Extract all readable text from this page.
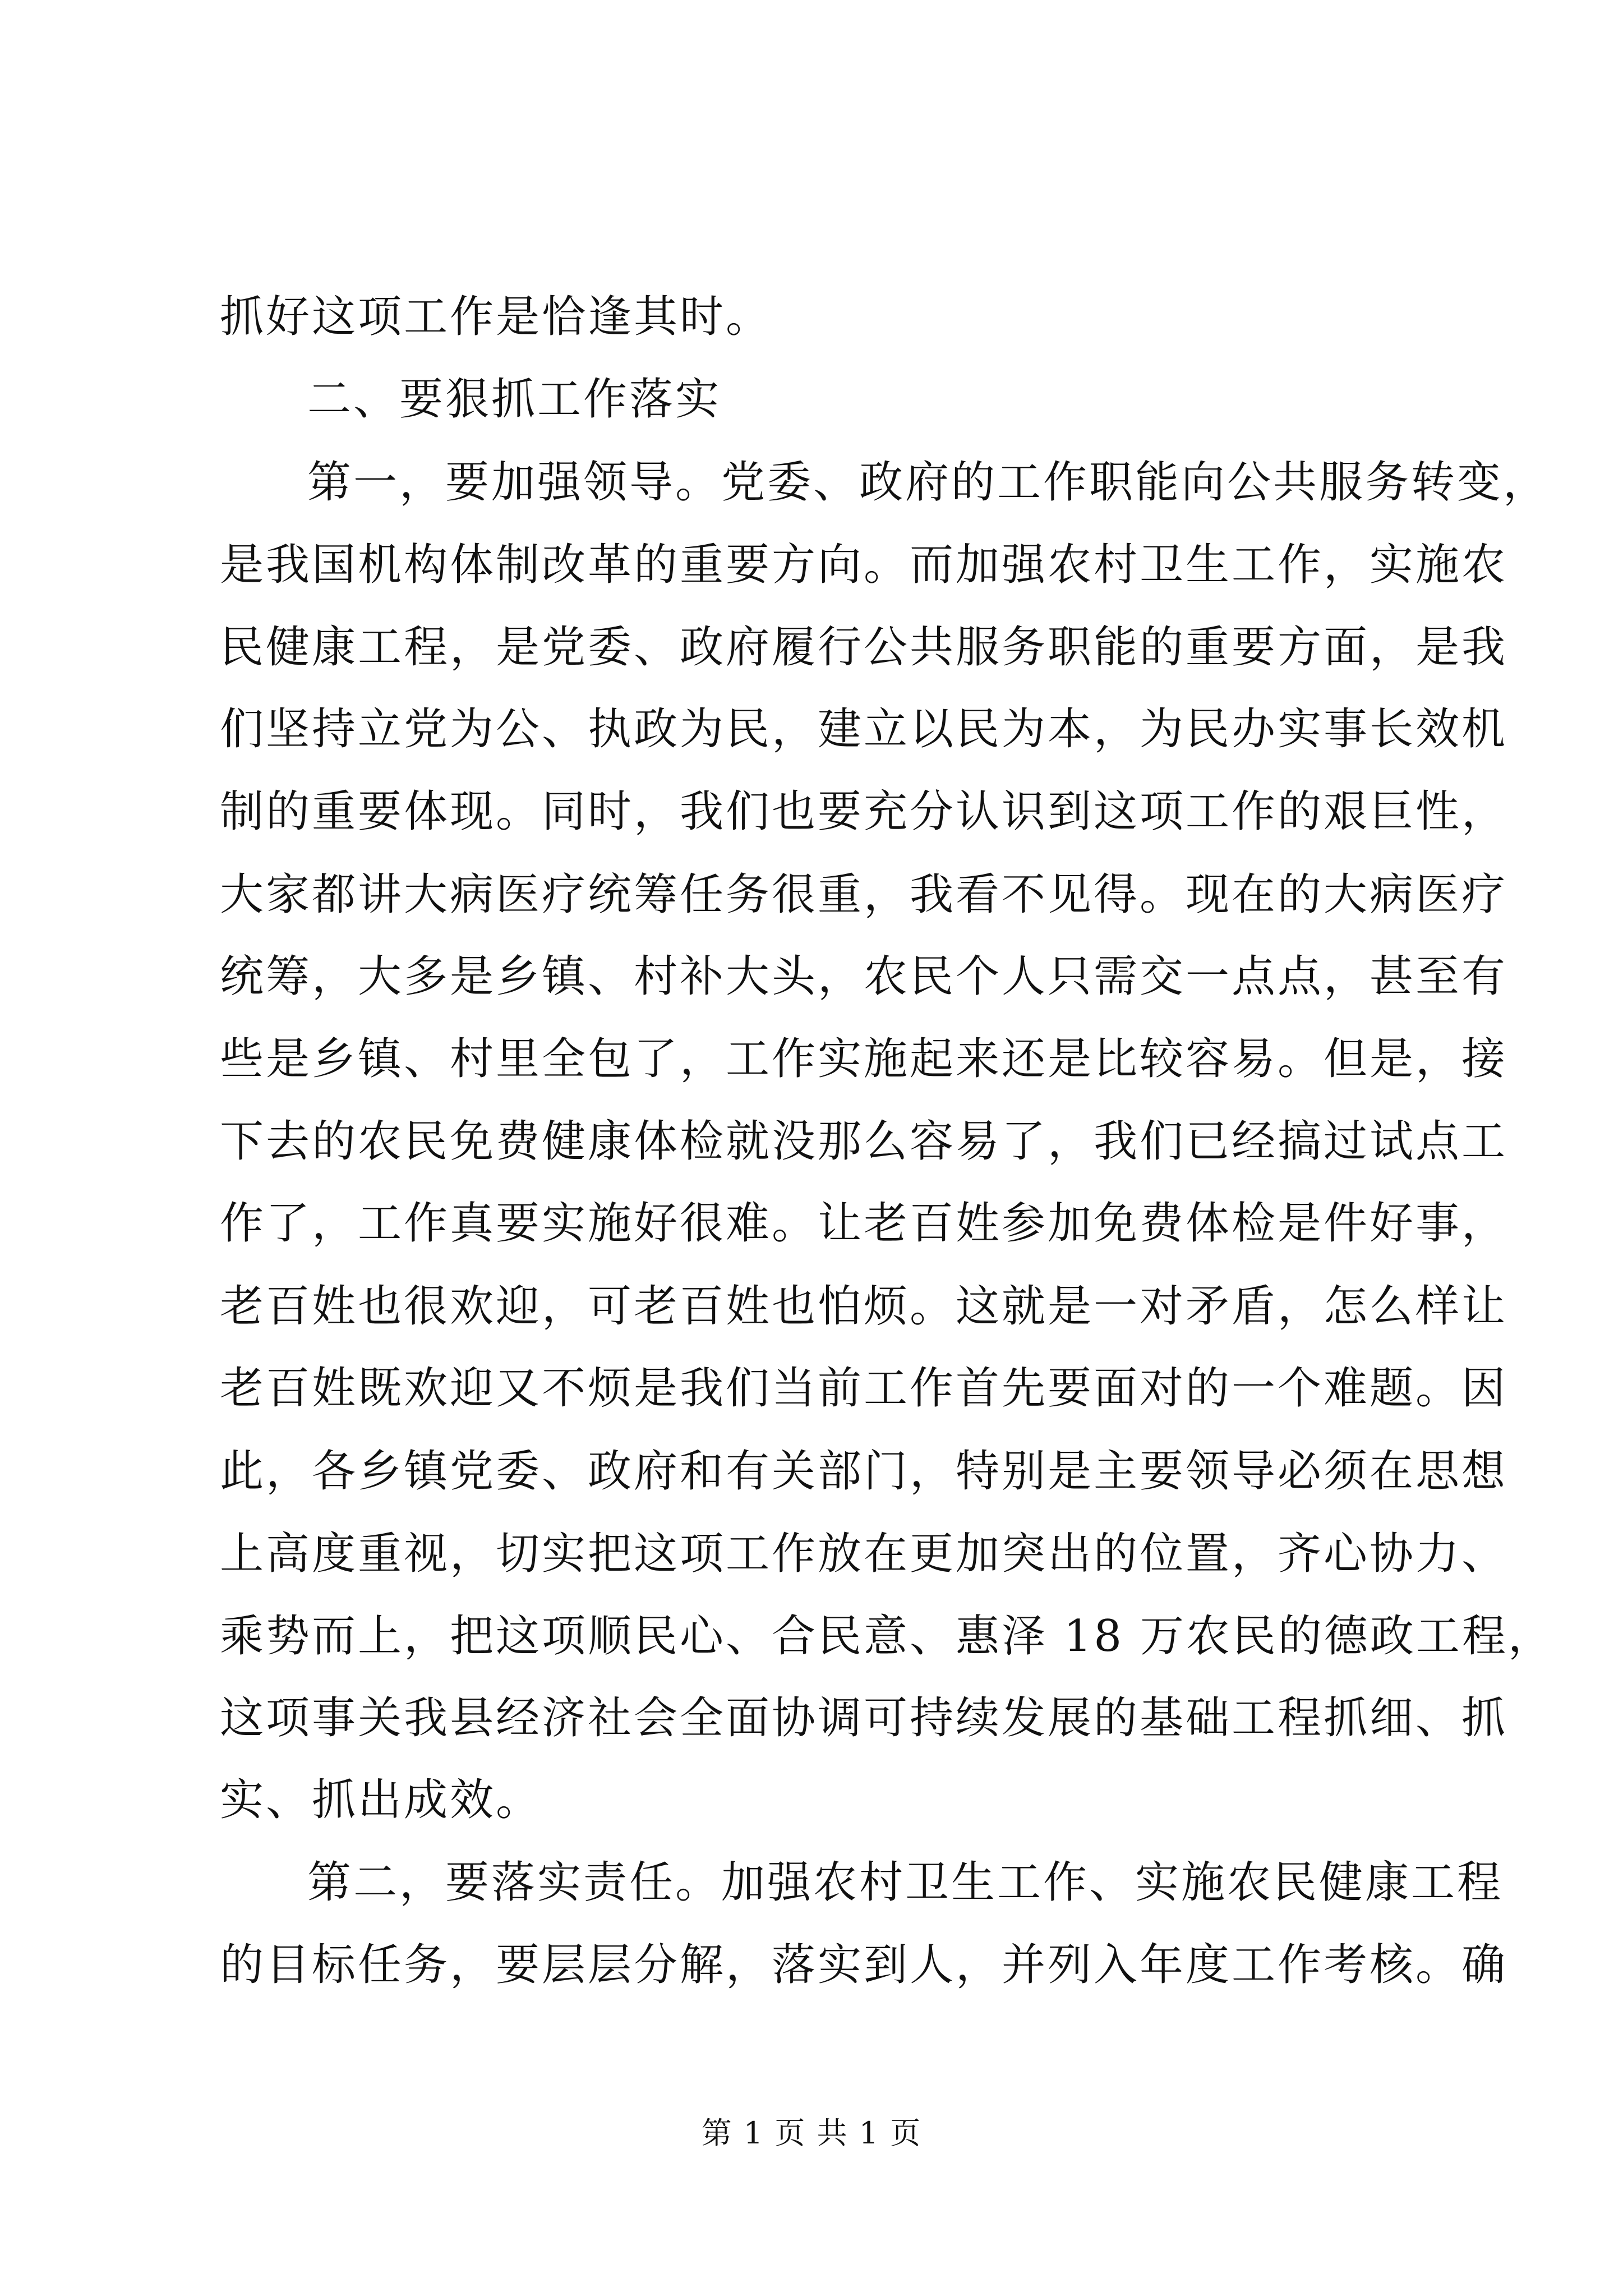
抓好这项工作是恰逢其时。
二、要狠抓工作落实
第一，要加强领导。党委、政府的工作职能向公共服务转变，
是我国机构体制改革的重要方向。而加强农村卫生工作，实施农
民健康工程，是党委、政府履行公共服务职能的重要方面，是我
们坚持立党为公、执政为民，建立以民为本，为民办实事长效机
制的重要体现。同时，我们也要充分认识到这项工作的艰巨性，
大家都讲大病医疗统筹任务很重，我看不见得。现在的大病医疗
统筹，大多是乡镇、村补大头，农民个人只需交一点点，甚至有
些是乡镇、村里全包了，工作实施起来还是比较容易。但是，接
下去的农民免费健康体检就没那么容易了，我们已经搞过试点工
作了，工作真要实施好很难。让老百姓参加免费体检是件好事，
老百姓也很欢迎，可老百姓也怕烦。这就是一对矛盾，怎么样让
老百姓既欢迎又不烦是我们当前工作首先要面对的一个难题。因
此，各乡镇党委、政府和有关部门，特别是主要领导必须在思想
上高度重视，切实把这项工作放在更加突出的位置，齐心协力、
乘势而上，把这项顺民心、合民意、惠泽 18 万农民的德政工程，
这项事关我县经济社会全面协调可持续发展的基础工程抓细、抓
实、抓出成效。
第二，要落实责任。加强农村卫生工作、实施农民健康工程
的目标任务，要层层分解，落实到人，并列入年度工作考核。确
第 1 页 共 1 页
